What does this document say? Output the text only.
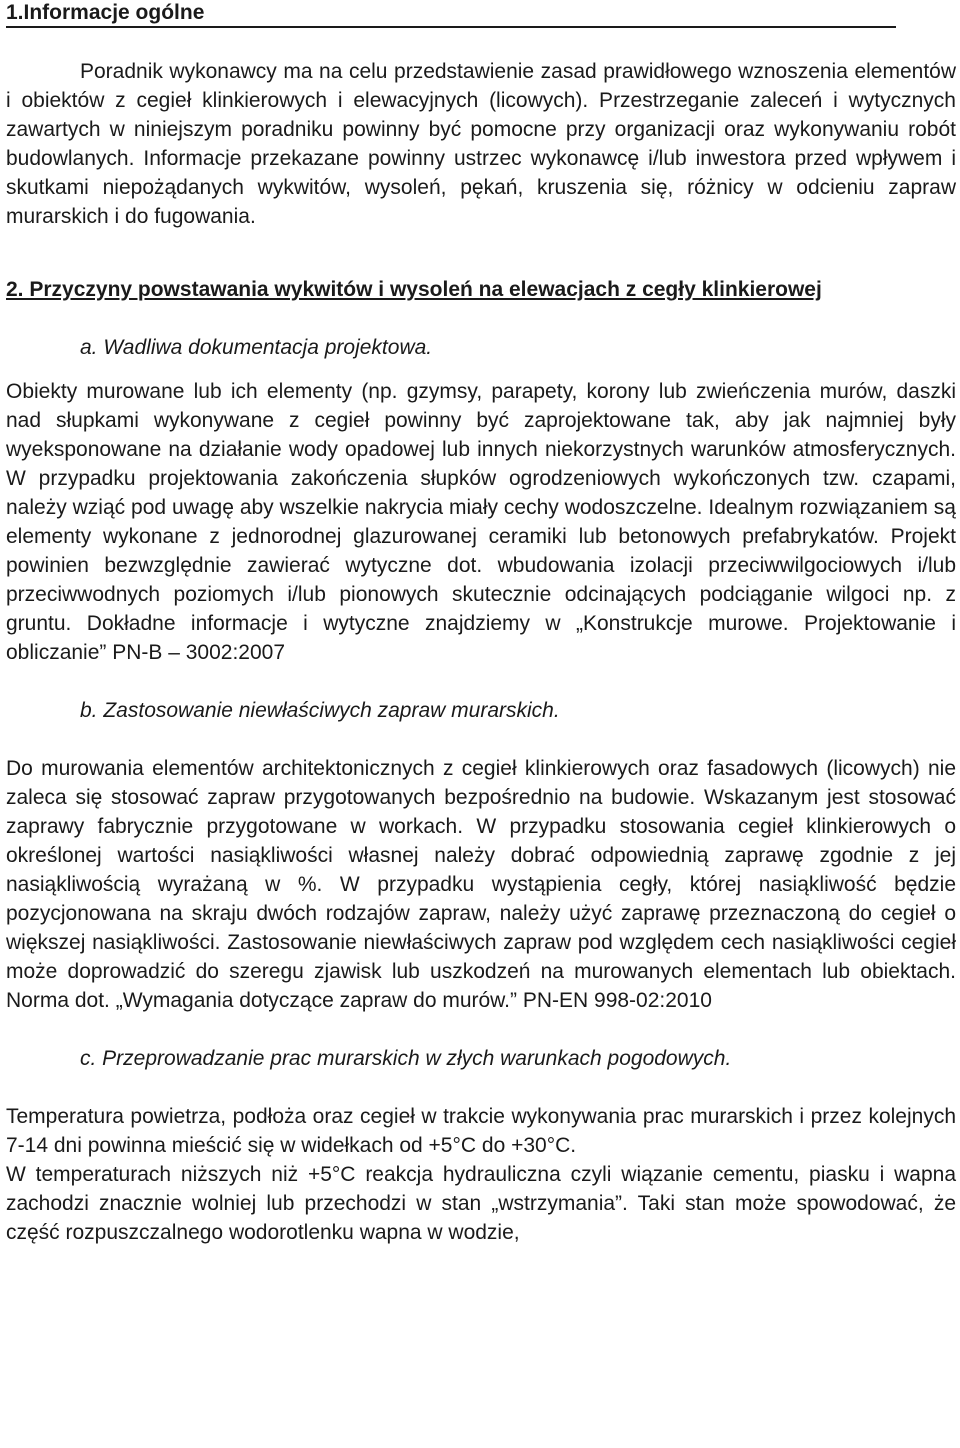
1.Informacje ogólne

Poradnik wykonawcy ma na celu przedstawienie zasad prawidłowego wznoszenia elementów i obiektów z cegieł klinkierowych i elewacyjnych (licowych). Przestrzeganie zaleceń i wytycznych zawartych w niniejszym poradniku powinny być pomocne przy organizacji oraz wykonywaniu robót budowlanych. Informacje przekazane powinny ustrzec wykonawcę i/lub inwestora przed wpływem i skutkami niepożądanych wykwitów, wysoleń, pękań, kruszenia się, różnicy w odcieniu zapraw murarskich i do fugowania.

2. Przyczyny powstawania wykwitów i wysoleń na elewacjach z cegły klinkierowej

a. Wadliwa dokumentacja projektowa.

Obiekty murowane lub ich elementy (np. gzymsy, parapety, korony lub zwieńczenia murów, daszki nad słupkami wykonywane z cegieł powinny być zaprojektowane tak, aby jak najmniej były wyeksponowane na działanie wody opadowej lub innych niekorzystnych warunków atmosferycznych. W przypadku projektowania zakończenia słupków ogrodzeniowych wykończonych tzw. czapami, należy wziąć pod uwagę aby wszelkie nakrycia miały cechy wodoszczelne. Idealnym rozwiązaniem są elementy wykonane z jednorodnej glazurowanej ceramiki lub betonowych prefabrykatów. Projekt powinien bezwzględnie zawierać wytyczne dot. wbudowania izolacji przeciwwilgociowych i/lub przeciwwodnych poziomych i/lub pionowych skutecznie odcinających podciąganie wilgoci np. z gruntu. Dokładne informacje i wytyczne znajdziemy w „Konstrukcje murowe. Projektowanie i obliczanie” PN-B – 3002:2007

b. Zastosowanie niewłaściwych zapraw murarskich.

Do murowania elementów architektonicznych z cegieł klinkierowych oraz fasadowych (licowych) nie zaleca się stosować zapraw przygotowanych bezpośrednio na budowie. Wskazanym jest stosować zaprawy fabrycznie przygotowane w workach. W przypadku stosowania cegieł klinkierowych o określonej wartości nasiąkliwości własnej należy dobrać odpowiednią zaprawę zgodnie z jej nasiąkliwością wyrażaną w %. W przypadku wystąpienia cegły, której nasiąkliwość będzie pozycjonowana na skraju dwóch rodzajów zapraw, należy użyć zaprawę przeznaczoną do cegieł o większej nasiąkliwości. Zastosowanie niewłaściwych zapraw pod względem cech nasiąkliwości cegieł może doprowadzić do szeregu zjawisk lub uszkodzeń na murowanych elementach lub obiektach. Norma dot. „Wymagania dotyczące zapraw do murów.” PN-EN 998-02:2010

c. Przeprowadzanie prac murarskich w złych warunkach pogodowych.

Temperatura powietrza, podłoża oraz cegieł w trakcie wykonywania prac murarskich i przez kolejnych 7-14 dni powinna mieścić się w widełkach od +5°C do +30°C.

W temperaturach niższych niż +5°C reakcja hydrauliczna czyli wiązanie cementu, piasku i wapna zachodzi znacznie wolniej lub przechodzi w stan „wstrzymania”. Taki stan może spowodować, że część rozpuszczalnego wodorotlenku wapna w wodzie,
